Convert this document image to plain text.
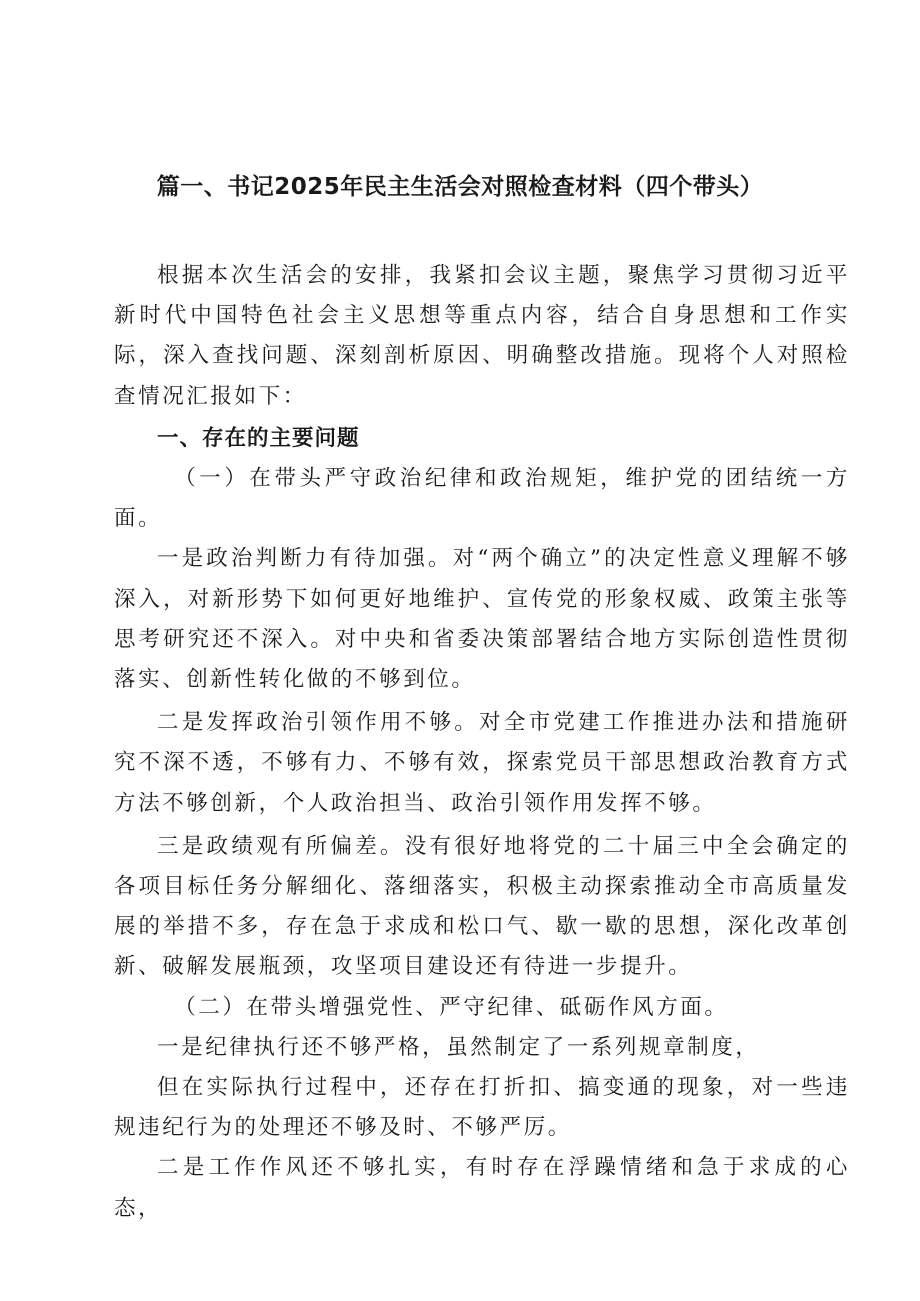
篇一、书记2025年民主生活会对照检查材料（四个带头）

根据本次生活会的安排，我紧扣会议主题，聚焦学习贯彻习近平新时代中国特色社会主义思想等重点内容，结合自身思想和工作实际，深入查找问题、深刻剖析原因、明确整改措施。现将个人对照检查情况汇报如下：

一、存在的主要问题

（一）在带头严守政治纪律和政治规矩，维护党的团结统一方面。

一是政治判断力有待加强。对“两个确立”的决定性意义理解不够深入，对新形势下如何更好地维护、宣传党的形象权威、政策主张等思考研究还不深入。对中央和省委决策部署结合地方实际创造性贯彻落实、创新性转化做的不够到位。

二是发挥政治引领作用不够。对全市党建工作推进办法和措施研究不深不透，不够有力、不够有效，探索党员干部思想政治教育方式方法不够创新，个人政治担当、政治引领作用发挥不够。

三是政绩观有所偏差。没有很好地将党的二十届三中全会确定的各项目标任务分解细化、落细落实，积极主动探索推动全市高质量发展的举措不多，存在急于求成和松口气、歇一歇的思想，深化改革创新、破解发展瓶颈，攻坚项目建设还有待进一步提升。

（二）在带头增强党性、严守纪律、砥砺作风方面。

一是纪律执行还不够严格，虽然制定了一系列规章制度，

但在实际执行过程中，还存在打折扣、搞变通的现象，对一些违规违纪行为的处理还不够及时、不够严厉。

二是工作作风还不够扎实，有时存在浮躁情绪和急于求成的心态，
